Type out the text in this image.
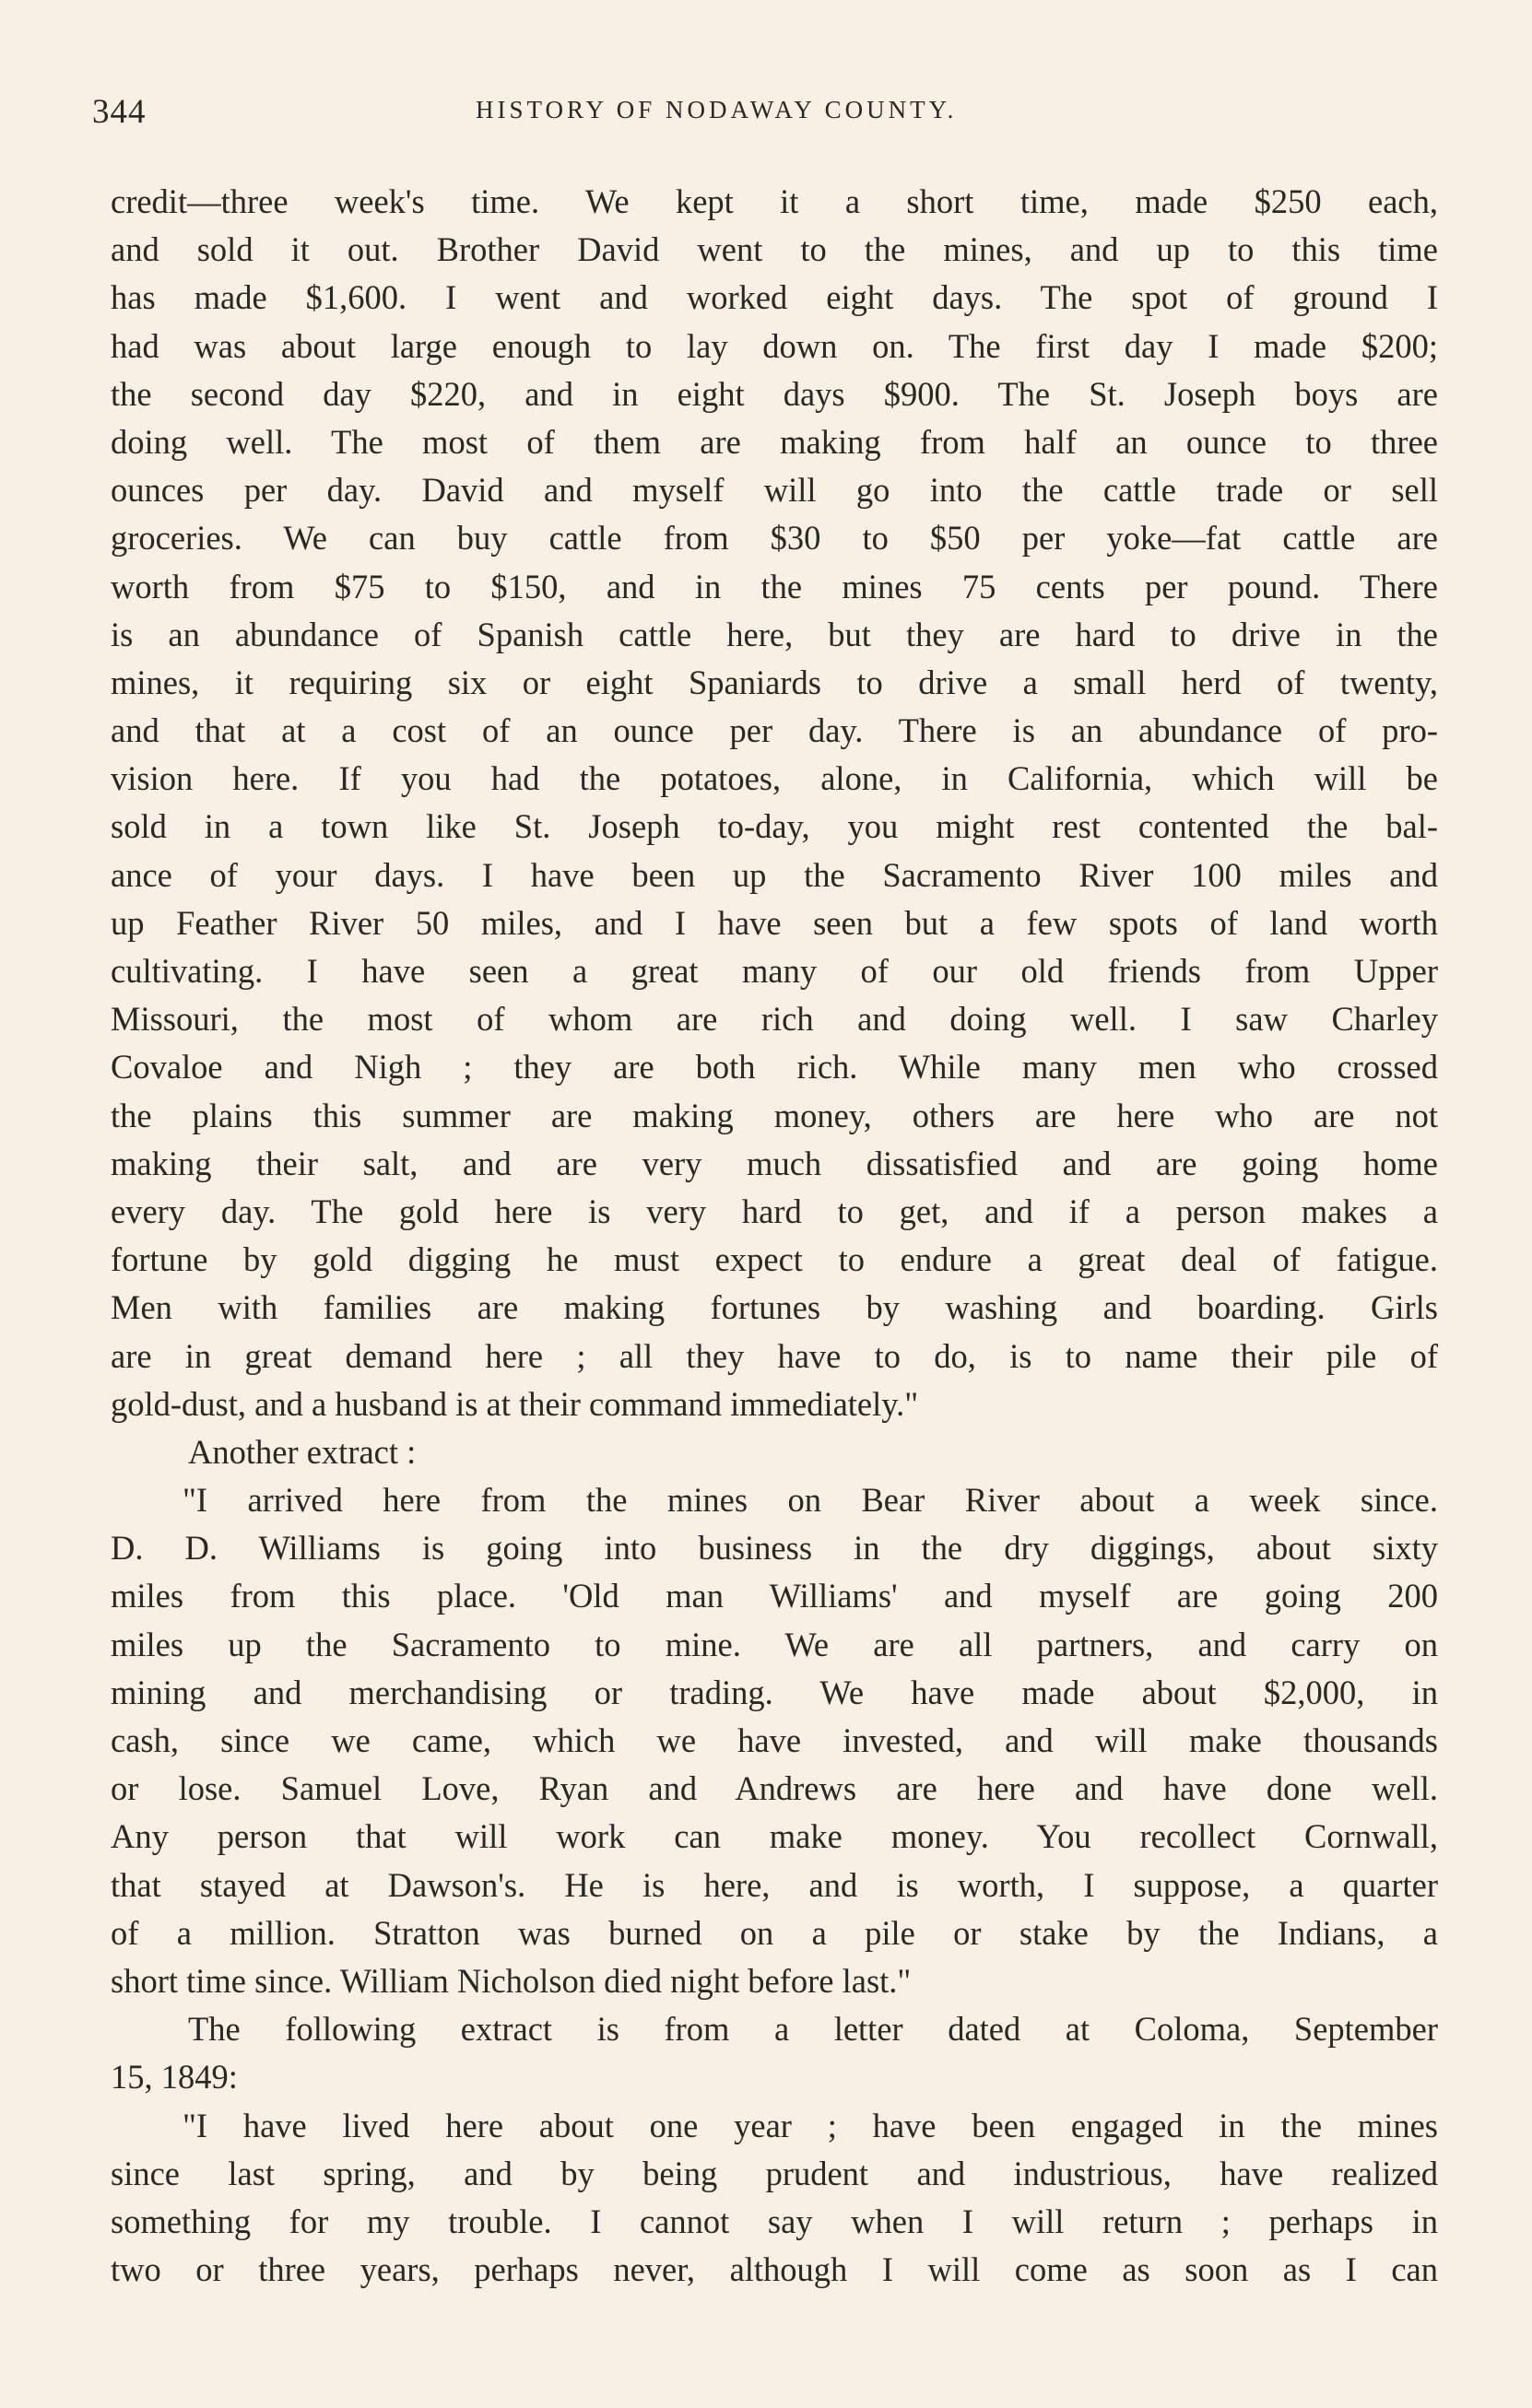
344	HISTORY OF NODAWAY COUNTY.
credit—three week's time. We kept it a short time, made $250 each,
and sold it out. Brother David went to the mines, and up to this time
has made $1,600. I went and worked eight days. The spot of ground I
had was about large enough to lay down on. The first day I made $200;
the second day $220, and in eight days $900. The St. Joseph boys are
doing well. The most of them are making from half an ounce to three
ounces per day. David and myself will go into the cattle trade or sell
groceries. We can buy cattle from $30 to $50 per yoke—fat cattle are
worth from $75 to $150, and in the mines 75 cents per pound. There
is an abundance of Spanish cattle here, but they are hard to drive in the
mines, it requiring six or eight Spaniards to drive a small herd of twenty,
and that at a cost of an ounce per day. There is an abundance of pro-
vision here. If you had the potatoes, alone, in California, which will be
sold in a town like St. Joseph to-day, you might rest contented the bal-
ance of your days. I have been up the Sacramento River 100 miles and
up Feather River 50 miles, and I have seen but a few spots of land worth
cultivating. I have seen a great many of our old friends from Upper
Missouri, the most of whom are rich and doing well. I saw Charley
Covaloe and Nigh ; they are both rich. While many men who crossed
the plains this summer are making money, others are here who are not
making their salt, and are very much dissatisfied and are going home
every day. The gold here is very hard to get, and if a person makes a
fortune by gold digging he must expect to endure a great deal of fatigue.
Men with families are making fortunes by washing and boarding. Girls
are in great demand here ; all they have to do, is to name their pile of
gold-dust, and a husband is at their command immediately."
Another extract :
"I arrived here from the mines on Bear River about a week since.
D. D. Williams is going into business in the dry diggings, about sixty
miles from this place. 'Old man Williams' and myself are going 200
miles up the Sacramento to mine. We are all partners, and carry on
mining and merchandising or trading. We have made about $2,000, in
cash, since we came, which we have invested, and will make thousands
or lose. Samuel Love, Ryan and Andrews are here and have done well.
Any person that will work can make money. You recollect Cornwall,
that stayed at Dawson's. He is here, and is worth, I suppose, a quarter
of a million. Stratton was burned on a pile or stake by the Indians, a
short time since. William Nicholson died night before last."
The following extract is from a letter dated at Coloma, September
15, 1849:
"I have lived here about one year ; have been engaged in the mines
since last spring, and by being prudent and industrious, have realized
something for my trouble. I cannot say when I will return ; perhaps in
two or three years, perhaps never, although I will come as soon as I can
